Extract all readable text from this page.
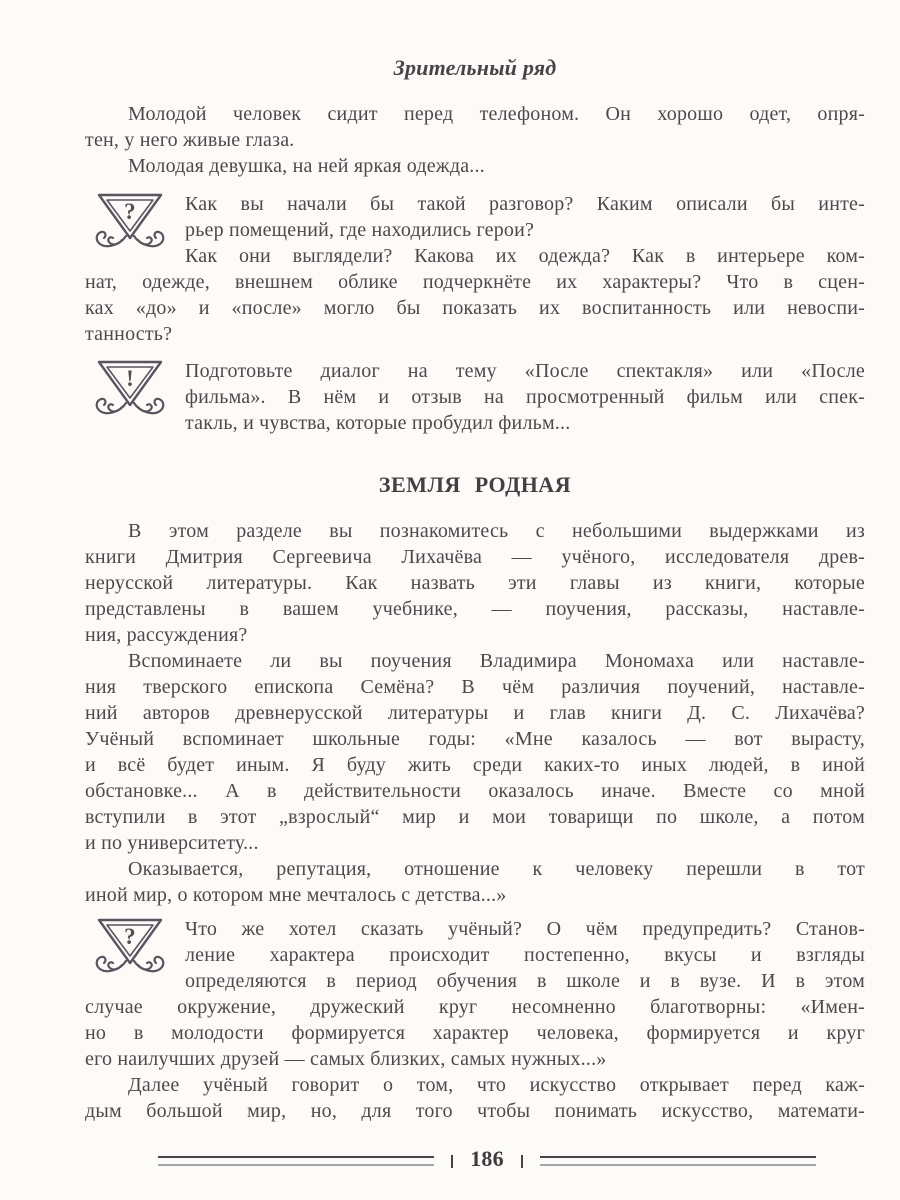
Зрительный ряд
Молодой человек сидит перед телефоном. Он хорошо одет, опря-
тен, у него живые глаза.
Молодая девушка, на ней яркая одежда...
?	Как вы начали бы такой разговор? Каким описали бы инте-
рьер помещений, где находились герои?
Как они выглядели? Какова их одежда? Как в интерьере ком-
нат, одежде, внешнем облике подчеркнёте их характеры? Что в сцен-
ках «до» и «после» могло бы показать их воспитанность или невоспи-
танность?
!	Подготовьте диалог на тему «После спектакля» или «После
фильма». В нём и отзыв на просмотренный фильм или спек-
такль, и чувства, которые пробудил фильм...
ЗЕМЛЯ РОДНАЯ
В этом разделе вы познакомитесь с небольшими выдержками из
книги Дмитрия Сергеевича Лихачёва — учёного, исследователя древ-
нерусской литературы. Как назвать эти главы из книги, которые
представлены в вашем учебнике, — поучения, рассказы, наставле-
ния, рассуждения?
Вспоминаете ли вы поучения Владимира Мономаха или наставле-
ния тверского епископа Семёна? В чём различия поучений, наставле-
ний авторов древнерусской литературы и глав книги Д. С. Лихачёва?
Учёный вспоминает школьные годы: «Мне казалось — вот вырасту,
и всё будет иным. Я буду жить среди каких-то иных людей, в иной
обстановке... А в действительности оказалось иначе. Вместе со мной
вступили в этот „взрослый“ мир и мои товарищи по школе, а потом
и по университету...
Оказывается, репутация, отношение к человеку перешли в тот
иной мир, о котором мне мечталось с детства...»
?	Что же хотел сказать учёный? О чём предупредить? Станов-
ление характера происходит постепенно, вкусы и взгляды
определяются в период обучения в школе и в вузе. И в этом
случае окружение, дружеский круг несомненно благотворны: «Имен-
но в молодости формируется характер человека, формируется и круг
его наилучших друзей — самых близких, самых нужных...»
Далее учёный говорит о том, что искусство открывает перед каж-
дым большой мир, но, для того чтобы понимать искусство, математи-
186
